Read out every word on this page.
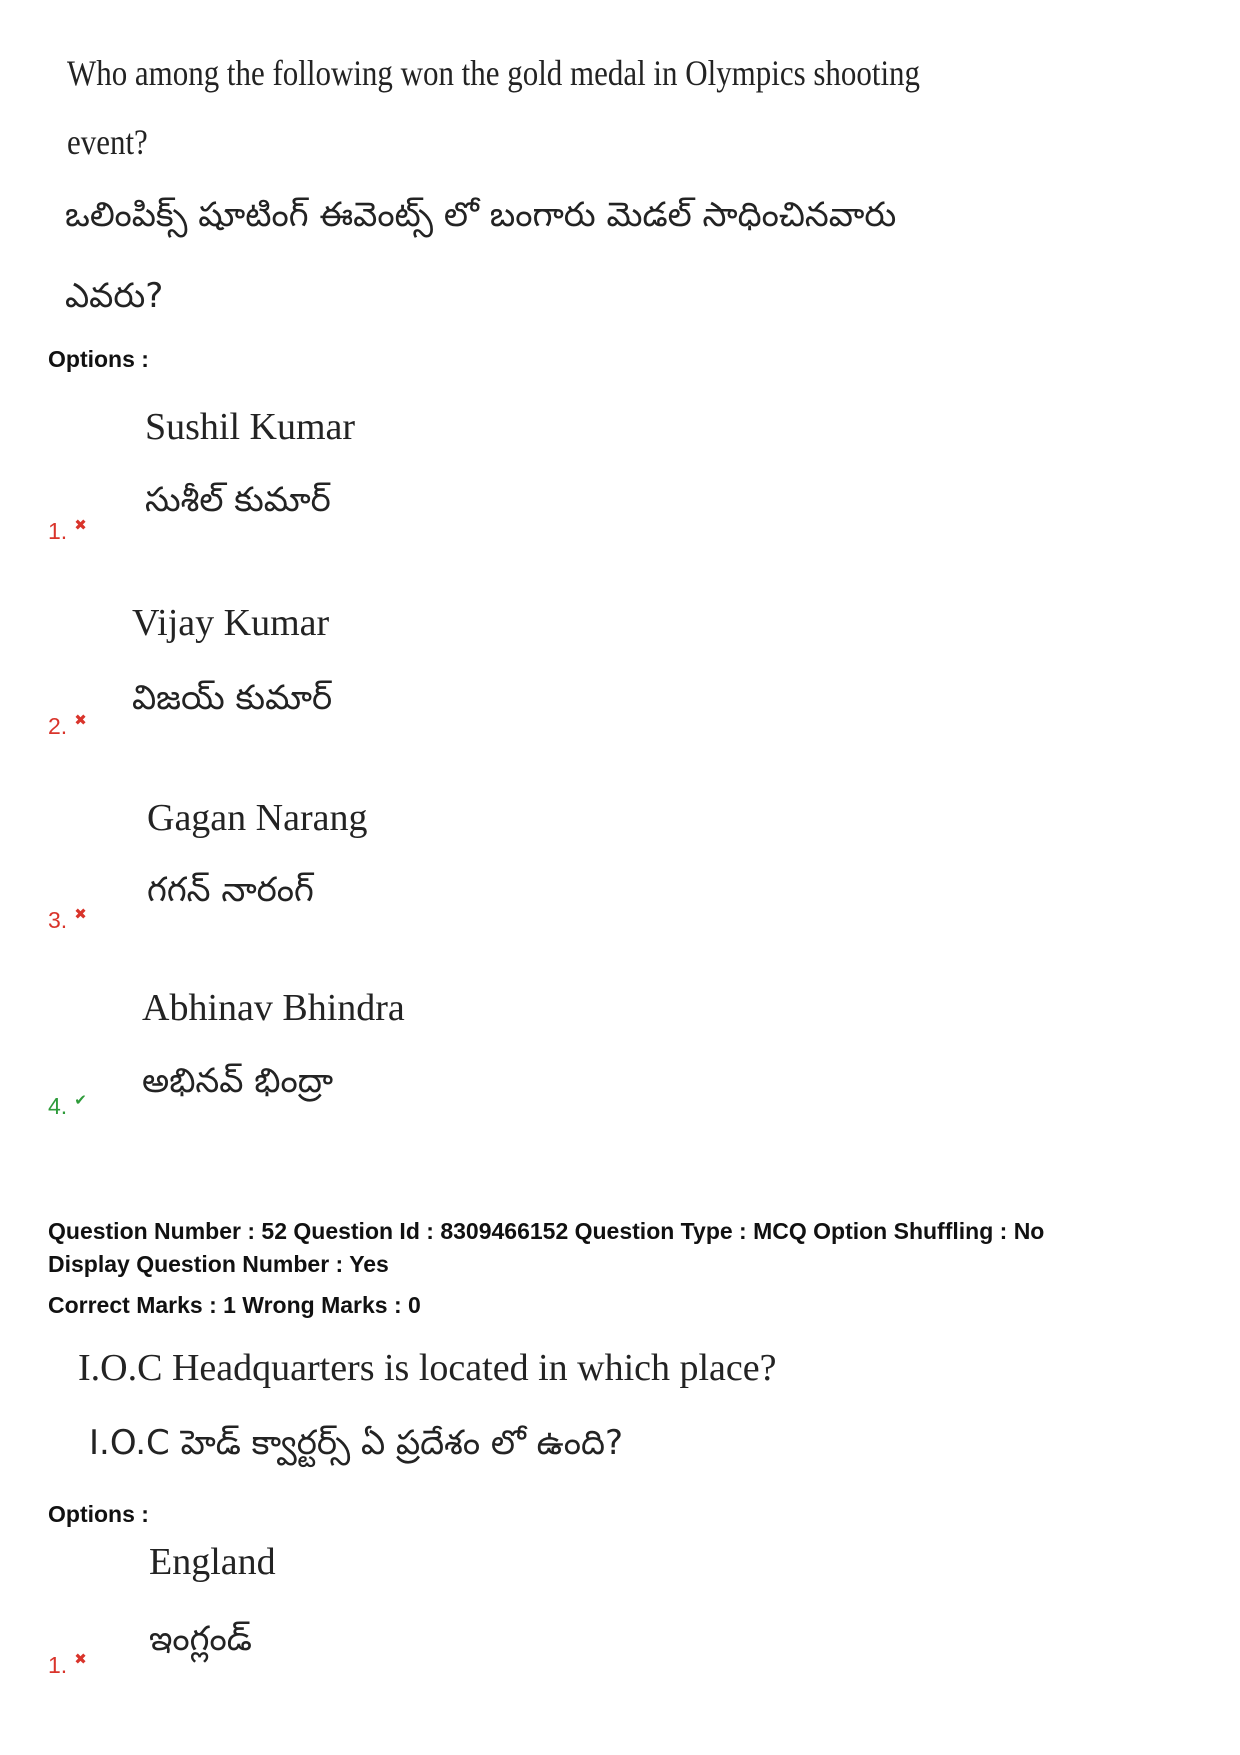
Who among the following won the gold medal in Olympics shooting
event?
ఒలింపిక్స్ షూటింగ్ ఈవెంట్స్ లో బంగారు మెడల్ సాధించినవారు
ఎవరు?
Options :
Sushil Kumar
సుశీల్ కుమార్
1. ✖
Vijay Kumar
విజయ్ కుమార్
2. ✖
Gagan Narang
గగన్ నారంగ్
3. ✖
Abhinav Bhindra
అభినవ్ భింద్రా
4. ✔
Question Number : 52 Question Id : 8309466152 Question Type : MCQ Option Shuffling : No
Display Question Number : Yes
Correct Marks : 1 Wrong Marks : 0
I.O.C Headquarters is located in which place?
I.O.C హెడ్ క్వార్టర్స్ ఏ ప్రదేశం లో ఉంది?
Options :
England
ఇంగ్లండ్
1. ✖
